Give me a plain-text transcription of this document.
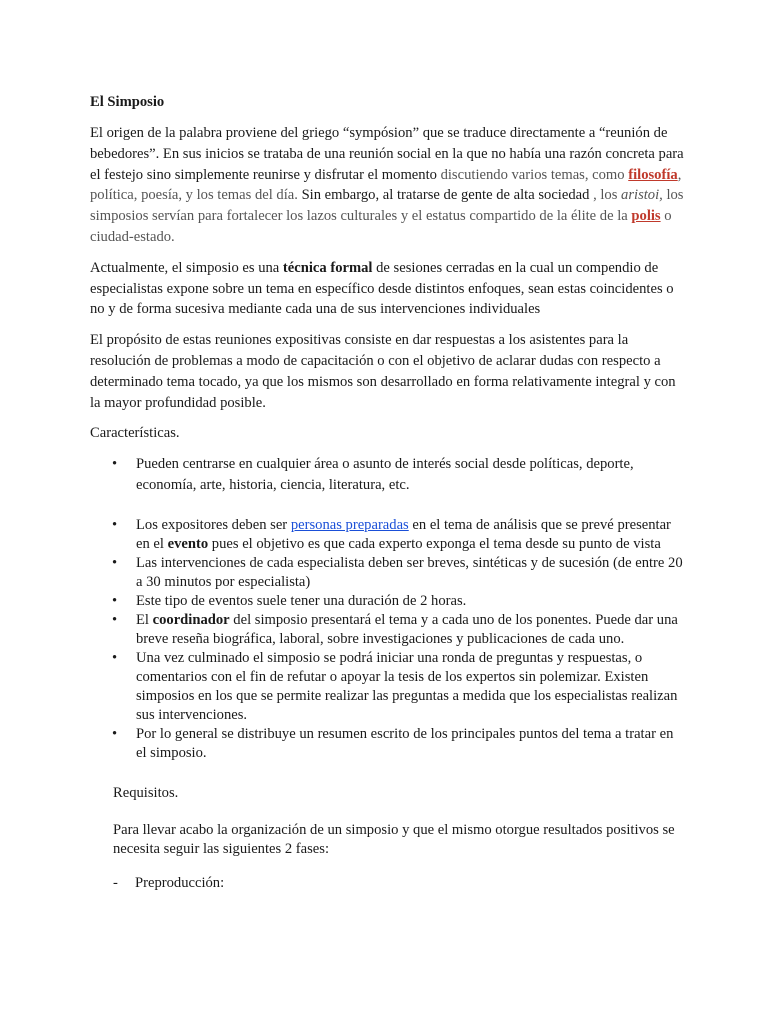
El Simposio

El origen de la palabra proviene del griego “sympósion” que se traduce directamente a “reunión de bebedores”. En sus inicios se trataba de una reunión social en la que no había una razón concreta para el festejo sino simplemente reunirse y disfrutar el momento discutiendo varios temas, como filosofía, política, poesía, y los temas del día. Sin embargo, al tratarse de gente de alta sociedad , los aristoi, los simposios servían para fortalecer los lazos culturales y el estatus compartido de la élite de la polis o ciudad-estado.

Actualmente, el simposio es una técnica formal de sesiones cerradas en la cual un compendio de especialistas expone sobre un tema en específico desde distintos enfoques, sean estas coincidentes o no y de forma sucesiva mediante cada una de sus intervenciones individuales

El propósito de estas reuniones expositivas consiste en dar respuestas a los asistentes para la resolución de problemas a modo de capacitación o con el objetivo de aclarar dudas con respecto a determinado tema tocado, ya que los mismos son desarrollado en forma relativamente integral y con la mayor profundidad posible.

Características.

• Pueden centrarse en cualquier área o asunto de interés social desde políticas, deporte, economía, arte, historia, ciencia, literatura, etc.
• Los expositores deben ser personas preparadas en el tema de análisis que se prevé presentar en el evento pues el objetivo es que cada experto exponga el tema desde su punto de vista
• Las intervenciones de cada especialista deben ser breves, sintéticas y de sucesión (de entre 20 a 30 minutos por especialista)
• Este tipo de eventos suele tener una duración de 2 horas.
• El coordinador del simposio presentará el tema y a cada uno de los ponentes. Puede dar una breve reseña biográfica, laboral, sobre investigaciones y publicaciones de cada uno.
• Una vez culminado el simposio se podrá iniciar una ronda de preguntas y respuestas, o comentarios con el fin de refutar o apoyar la tesis de los expertos sin polemizar. Existen simposios en los que se permite realizar las preguntas a medida que los especialistas realizan sus intervenciones.
• Por lo general se distribuye un resumen escrito de los principales puntos del tema a tratar en el simposio.

Requisitos.

Para llevar acabo la organización de un simposio y que el mismo otorgue resultados positivos se necesita seguir las siguientes 2 fases:

- Preproducción:
